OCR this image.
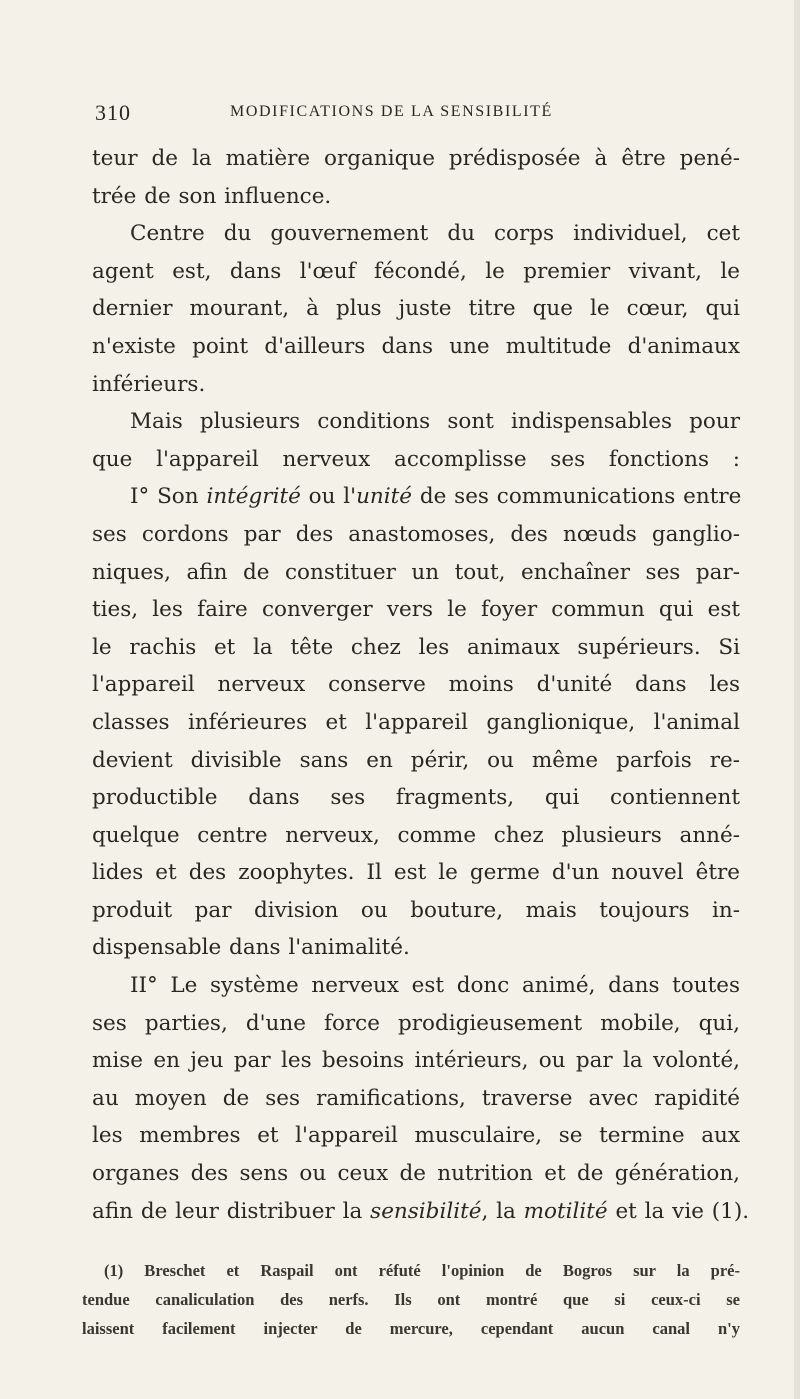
310	MODIFICATIONS DE LA SENSIBILITÉ
teur de la matière organique prédisposée à être pené-
trée de son influence.
Centre du gouvernement du corps individuel, cet
agent est, dans l'œuf fécondé, le premier vivant, le
dernier mourant, à plus juste titre que le cœur, qui
n'existe point d'ailleurs dans une multitude d'animaux
inférieurs.
Mais plusieurs conditions sont indispensables pour
que l'appareil nerveux accomplisse ses fonctions :
I° Son intégrité ou l'unité de ses communications entre
ses cordons par des anastomoses, des nœuds ganglio-
niques, afin de constituer un tout, enchaîner ses par-
ties, les faire converger vers le foyer commun qui est
le rachis et la tête chez les animaux supérieurs. Si
l'appareil nerveux conserve moins d'unité dans les
classes inférieures et l'appareil ganglionique, l'animal
devient divisible sans en périr, ou même parfois re-
productible dans ses fragments, qui contiennent
quelque centre nerveux, comme chez plusieurs anné-
lides et des zoophytes. Il est le germe d'un nouvel être
produit par division ou bouture, mais toujours in-
dispensable dans l'animalité.
II° Le système nerveux est donc animé, dans toutes
ses parties, d'une force prodigieusement mobile, qui,
mise en jeu par les besoins intérieurs, ou par la volonté,
au moyen de ses ramifications, traverse avec rapidité
les membres et l'appareil musculaire, se termine aux
organes des sens ou ceux de nutrition et de génération,
afin de leur distribuer la sensibilité, la motilité et la vie (1).
(1) Breschet et Raspail ont réfuté l'opinion de Bogros sur la pré-
tendue canaliculation des nerfs. Ils ont montré que si ceux-ci se
laissent facilement injecter de mercure, cependant aucun canal n'y
